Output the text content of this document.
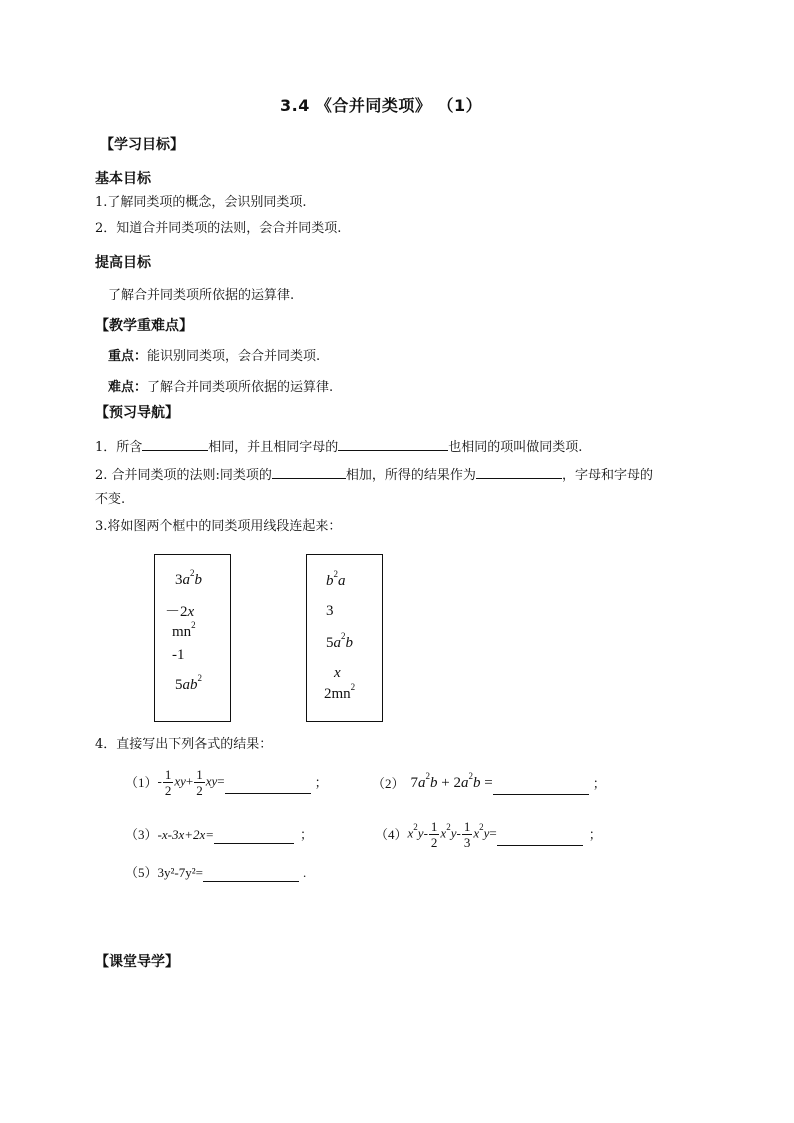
3.4 《合并同类项》 （1）
【学习目标】
基本目标
1.了解同类项的概念，会识别同类项.
2．知道合并同类项的法则，会合并同类项.
提高目标
了解合并同类项所依据的运算律.
【教学重难点】
重点：能识别同类项，会合并同类项.
难点：了解合并同类项所依据的运算律.
【预习导航】
1．所含	相同，并且相同字母的	也相同的项叫做同类项.
2. 合并同类项的法则:同类项的	相加，所得的结果作为	，字母和字母的
不变.
3.将如图两个框中的同类项用线段连起来：
$3a^2b$
－2x
$mn^2$
-1
$5ab^2$
$b^2a$
3
$5a^2b$
x
$2mn^2$
4．直接写出下列各式的结果：
$(1) - \frac{1}{2} xy+ \frac{1}{2} xy=$	；	（2） $7a^2b + 2a^2b$ =	；
（3） -x-3x+2x=	；	（4） $x^2y- \frac{1}{2} x^2y- \frac{1}{3} x^2y=$	；
（5） 3y²-7y²=	.
【课堂导学】
